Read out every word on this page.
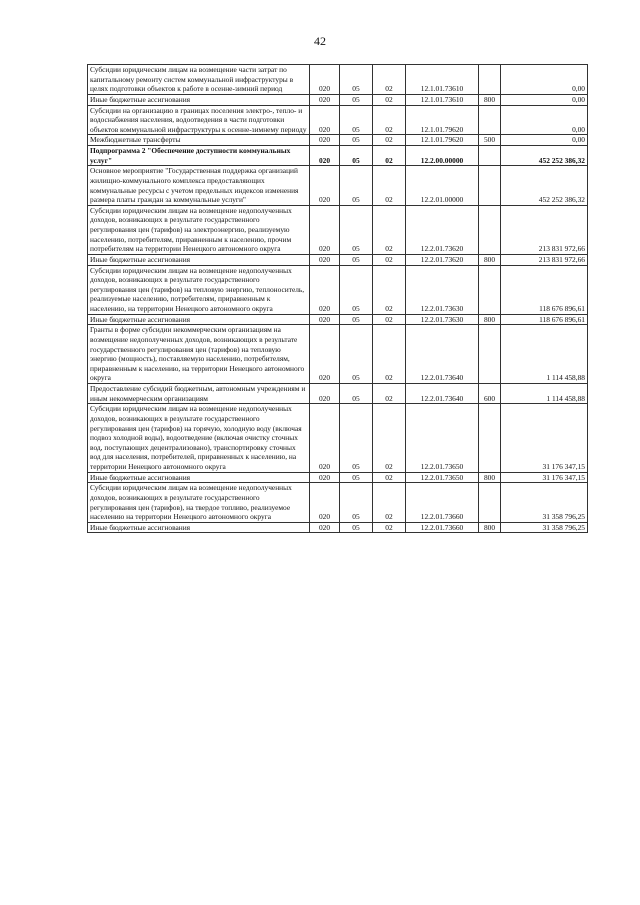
42
Субсидии юридическим лицам на возмещение части затрат по капитальному ремонту систем коммунальной инфраструктуры в целях подготовки объектов к работе в осенне-зимний период	020	05	02	12.1.01.73610		0,00
Иные бюджетные ассигнования	020	05	02	12.1.01.73610	800	0,00
Субсидии на организацию в границах поселения электро-, тепло- и водоснабжения населения, водоотведения в части подготовки объектов коммунальной инфраструктуры к осенне-зимнему периоду	020	05	02	12.1.01.79620		0,00
Межбюджетные трансферты	020	05	02	12.1.01.79620	500	0,00
Подпрограмма 2 "Обеспечение доступности коммунальных услуг"	020	05	02	12.2.00.00000		452 252 386,32
Основное мероприятие "Государственная поддержка организаций жилищно-коммунального комплекса предоставляющих коммунальные ресурсы с учетом предельных индексов изменения размера платы граждан за коммунальные услуги"	020	05	02	12.2.01.00000		452 252 386,32
Субсидии юридическим лицам на возмещение недополученных доходов, возникающих в результате государственного регулирования цен (тарифов) на электроэнергию, реализуемую населению, потребителям, приравненным к населению, прочим потребителям на территории Ненецкого автономного округа	020	05	02	12.2.01.73620		213 831 972,66
Иные бюджетные ассигнования	020	05	02	12.2.01.73620	800	213 831 972,66
Субсидии юридическим лицам на возмещение недополученных доходов, возникающих в результате государственного регулирования цен (тарифов) на тепловую энергию, теплоноситель, реализуемые населению, потребителям, приравненным к населению, на территории Ненецкого автономного округа	020	05	02	12.2.01.73630		118 676 896,61
Иные бюджетные ассигнования	020	05	02	12.2.01.73630	800	118 676 896,61
Гранты в форме субсидии некоммерческим организациям на возмещение недополученных доходов, возникающих в результате государственного регулирования цен (тарифов) на тепловую энергию (мощность), поставляемую населению, потребителям, приравненным к населению, на территории Ненецкого автономного округа	020	05	02	12.2.01.73640		1 114 458,88
Предоставление субсидий бюджетным, автономным учреждениям и иным некоммерческим организациям	020	05	02	12.2.01.73640	600	1 114 458,88
Субсидии юридическим лицам на возмещение недополученных доходов, возникающих в результате государственного регулирования цен (тарифов) на горячую, холодную воду (включая подвоз холодной воды), водоотведение (включая очистку сточных вод, поступающих децентрализовано), транспортировку сточных вод для населения, потребителей, приравненных к населению, на территории Ненецкого автономного округа	020	05	02	12.2.01.73650		31 176 347,15
Иные бюджетные ассигнования	020	05	02	12.2.01.73650	800	31 176 347,15
Субсидии юридическим лицам на возмещение недополученных доходов, возникающих в результате государственного регулирования цен (тарифов), на твердое топливо, реализуемое населению на территории Ненецкого автономного округа	020	05	02	12.2.01.73660		31 358 796,25
Иные бюджетные ассигнования	020	05	02	12.2.01.73660	800	31 358 796,25
